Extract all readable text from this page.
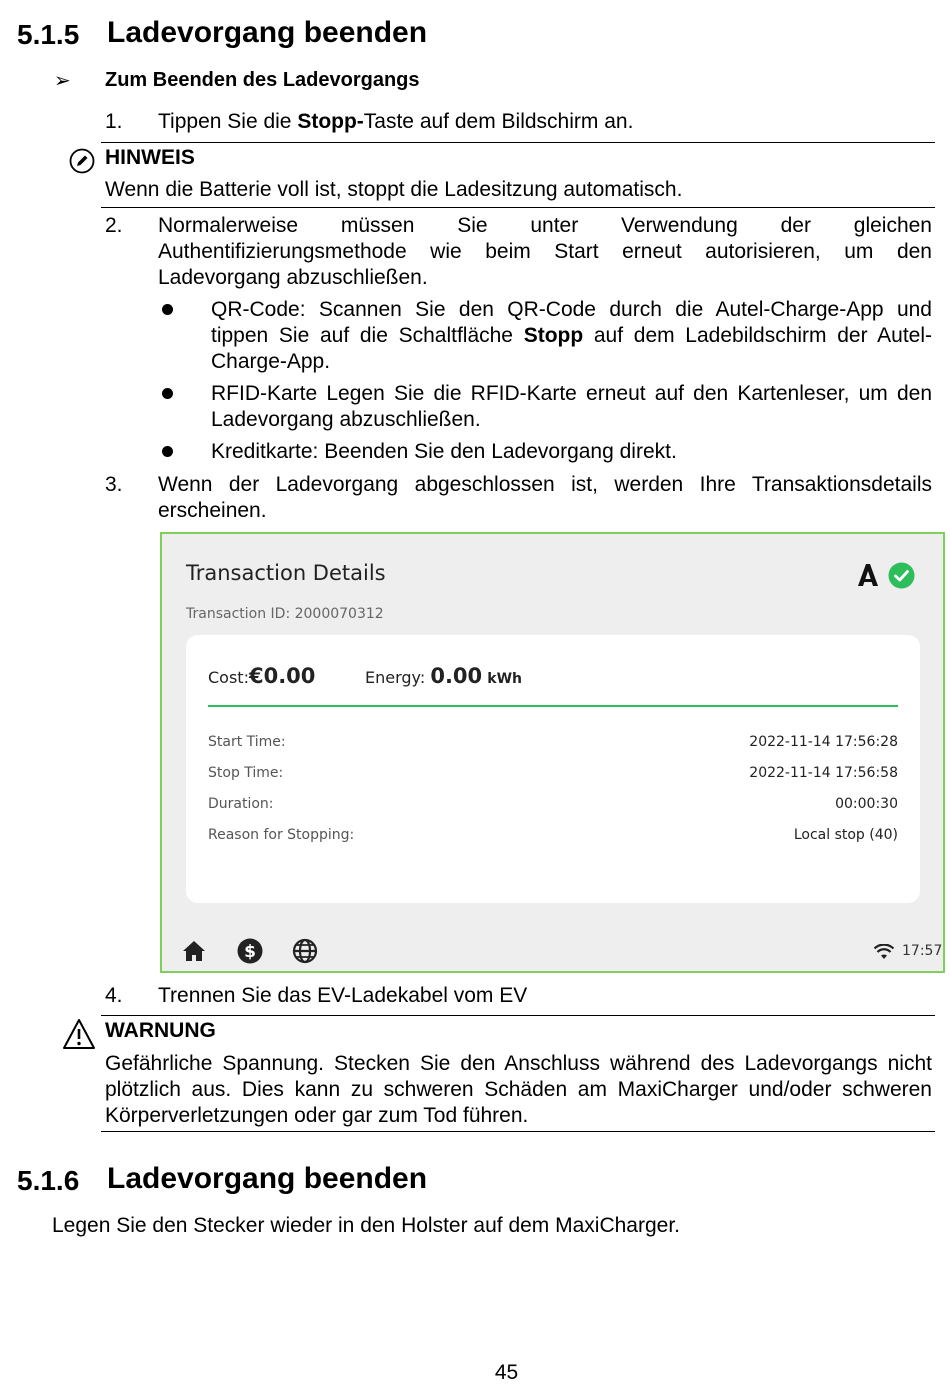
5.1.5 Ladevorgang beenden
➢ Zum Beenden des Ladevorgangs
1. Tippen Sie die Stopp-Taste auf dem Bildschirm an.
HINWEIS
Wenn die Batterie voll ist, stoppt die Ladesitzung automatisch.
2. Normalerweise müssen Sie unter Verwendung der gleichen Authentifizierungsmethode wie beim Start erneut autorisieren, um den Ladevorgang abzuschließen.
QR-Code: Scannen Sie den QR-Code durch die Autel-Charge-App und tippen Sie auf die Schaltfläche Stopp auf dem Ladebildschirm der Autel-Charge-App.
RFID-Karte Legen Sie die RFID-Karte erneut auf den Kartenleser, um den Ladevorgang abzuschließen.
Kreditkarte: Beenden Sie den Ladevorgang direkt.
3. Wenn der Ladevorgang abgeschlossen ist, werden Ihre Transaktionsdetails erscheinen.
Transaction Details
Transaction ID: 2000070312
Cost:€0.00	Energy: 0.00 kWh
Start Time:	2022-11-14 17:56:28
Stop Time:	2022-11-14 17:56:58
Duration:	00:00:30
Reason for Stopping:	Local stop (40)
$	17:57
4. Trennen Sie das EV-Ladekabel vom EV
WARNUNG
Gefährliche Spannung. Stecken Sie den Anschluss während des Ladevorgangs nicht plötzlich aus. Dies kann zu schweren Schäden am MaxiCharger und/oder schweren Körperverletzungen oder gar zum Tod führen.
5.1.6 Ladevorgang beenden
Legen Sie den Stecker wieder in den Holster auf dem MaxiCharger.
45
